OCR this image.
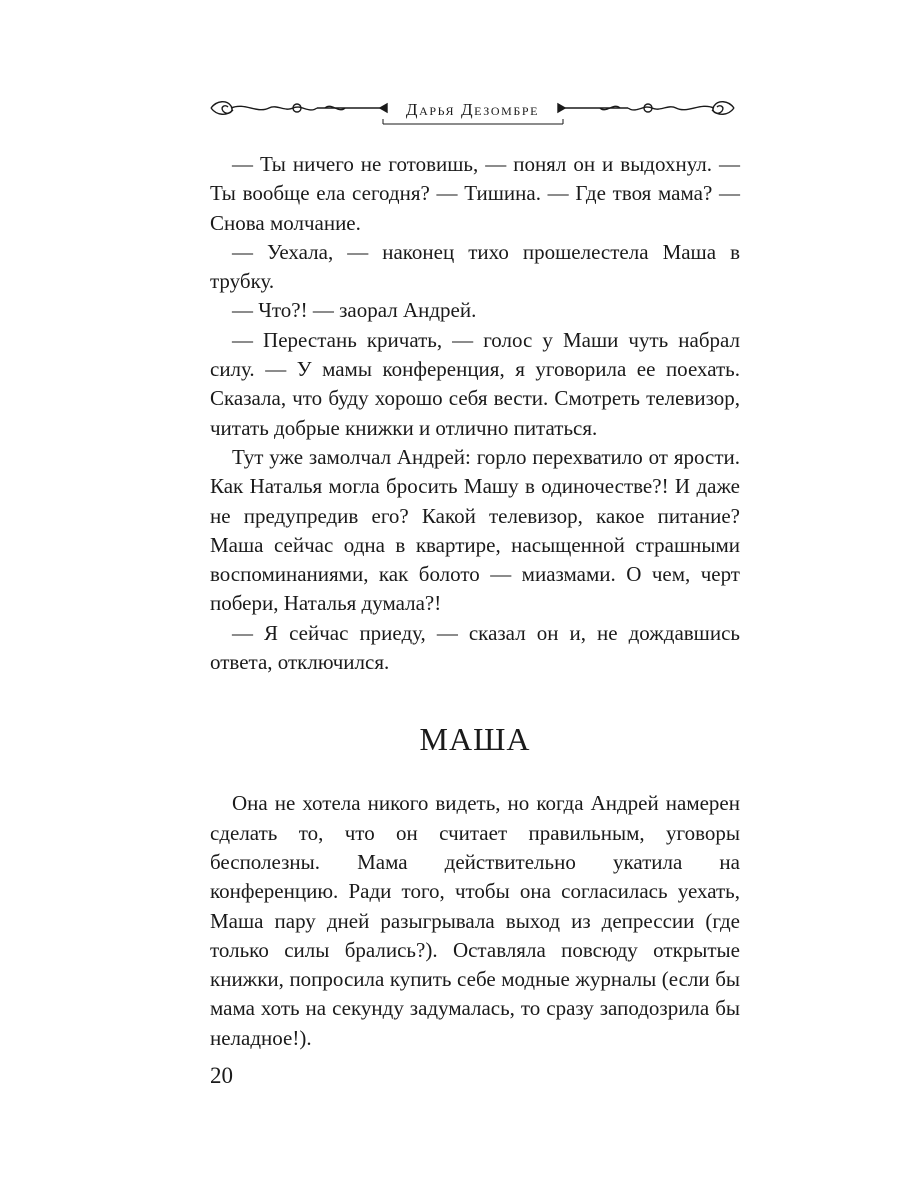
Дарья Дезомбре

— Ты ничего не готовишь, — понял он и выдохнул. — Ты вообще ела сегодня? — Тишина. — Где твоя мама? — Снова молчание.

— Уехала, — наконец тихо прошелестела Маша в трубку.

— Что?! — заорал Андрей.

— Перестань кричать, — голос у Маши чуть набрал силу. — У мамы конференция, я уговорила ее поехать. Сказала, что буду хорошо себя вести. Смотреть телевизор, читать добрые книжки и отлично питаться.

Тут уже замолчал Андрей: горло перехватило от ярости. Как Наталья могла бросить Машу в одиночестве?! И даже не предупредив его? Какой телевизор, какое питание? Маша сейчас одна в квартире, насыщенной страшными воспоминаниями, как болото — миазмами. О чем, черт побери, Наталья думала?!

— Я сейчас приеду, — сказал он и, не дождавшись ответа, отключился.

МАША

Она не хотела никого видеть, но когда Андрей намерен сделать то, что он считает правильным, уговоры бесполезны. Мама действительно укатила на конференцию. Ради того, чтобы она согласилась уехать, Маша пару дней разыгрывала выход из депрессии (где только силы брались?). Оставляла повсюду открытые книжки, попросила купить себе модные журналы (если бы мама хоть на секунду задумалась, то сразу заподозрила бы неладное!).

20
